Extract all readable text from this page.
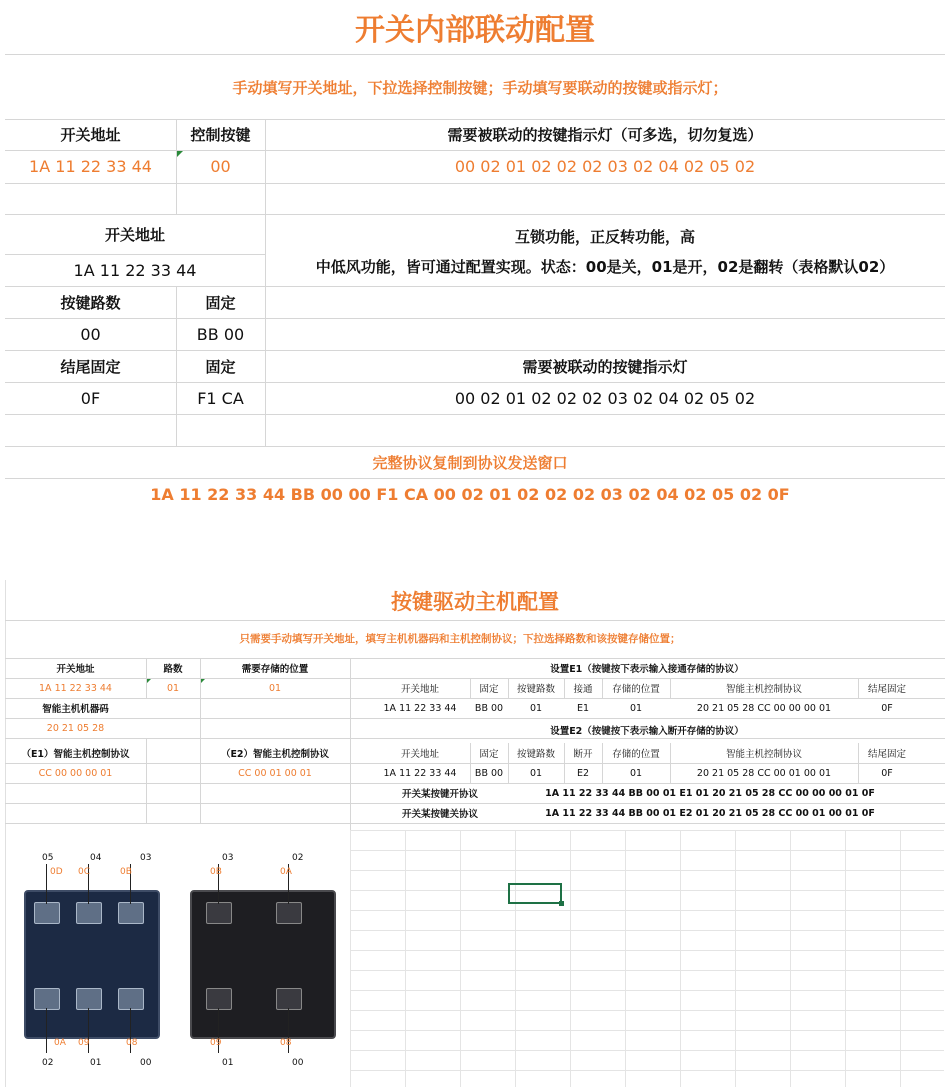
开关内部联动配置
手动填写开关地址，下拉选择控制按键；手动填写要联动的按键或指示灯；
开关地址	控制按键	需要被联动的按键指示灯（可多选，切勿复选）
1A 11 22 33 44	00	00 02 01 02 02 02 03 02 04 02 05 02
开关地址
1A 11 22 33 44
互锁功能，正反转功能，高
中低风功能，皆可通过配置实现。状态：00是关，01是开，02是翻转（表格默认02）
按键路数	固定
00	BB 00
结尾固定	固定	需要被联动的按键指示灯
0F	F1 CA	00 02 01 02 02 02 03 02 04 02 05 02
完整协议复制到协议发送窗口
1A 11 22 33 44 BB 00 00 F1 CA 00 02 01 02 02 02 03 02 04 02 05 02 0F
按键驱动主机配置
只需要手动填写开关地址，填写主机机器码和主机控制协议；下拉选择路数和该按键存储位置；
开关地址	路数	需要存储的位置
1A 11 22 33 44	01	01
智能主机机器码
20 21 05 28
（E1）智能主机控制协议	（E2）智能主机控制协议
CC 00 00 00 01	CC 00 01 00 01
设置E1（按键按下表示输入接通存储的协议）
开关地址	固定	按键路数	接通	存储的位置	智能主机控制协议	结尾固定
1A 11 22 33 44	BB 00	01	E1	01	20 21 05 28 CC 00 00 00 01	0F
设置E2（按键按下表示输入断开存储的协议）
开关地址	固定	按键路数	断开	存储的位置	智能主机控制协议	结尾固定
1A 11 22 33 44	BB 00	01	E2	01	20 21 05 28 CC 00 01 00 01	0F
开关某按键开协议	1A 11 22 33 44 BB 00 01 E1 01 20 21 05 28 CC 00 00 00 01 0F
开关某按键关协议	1A 11 22 33 44 BB 00 01 E2 01 20 21 05 28 CC 00 01 00 01 0F
05	04	03
0D 0C	0B
0A 09	08
02	01	00
03	02
0B	0A
09	08
01	00
